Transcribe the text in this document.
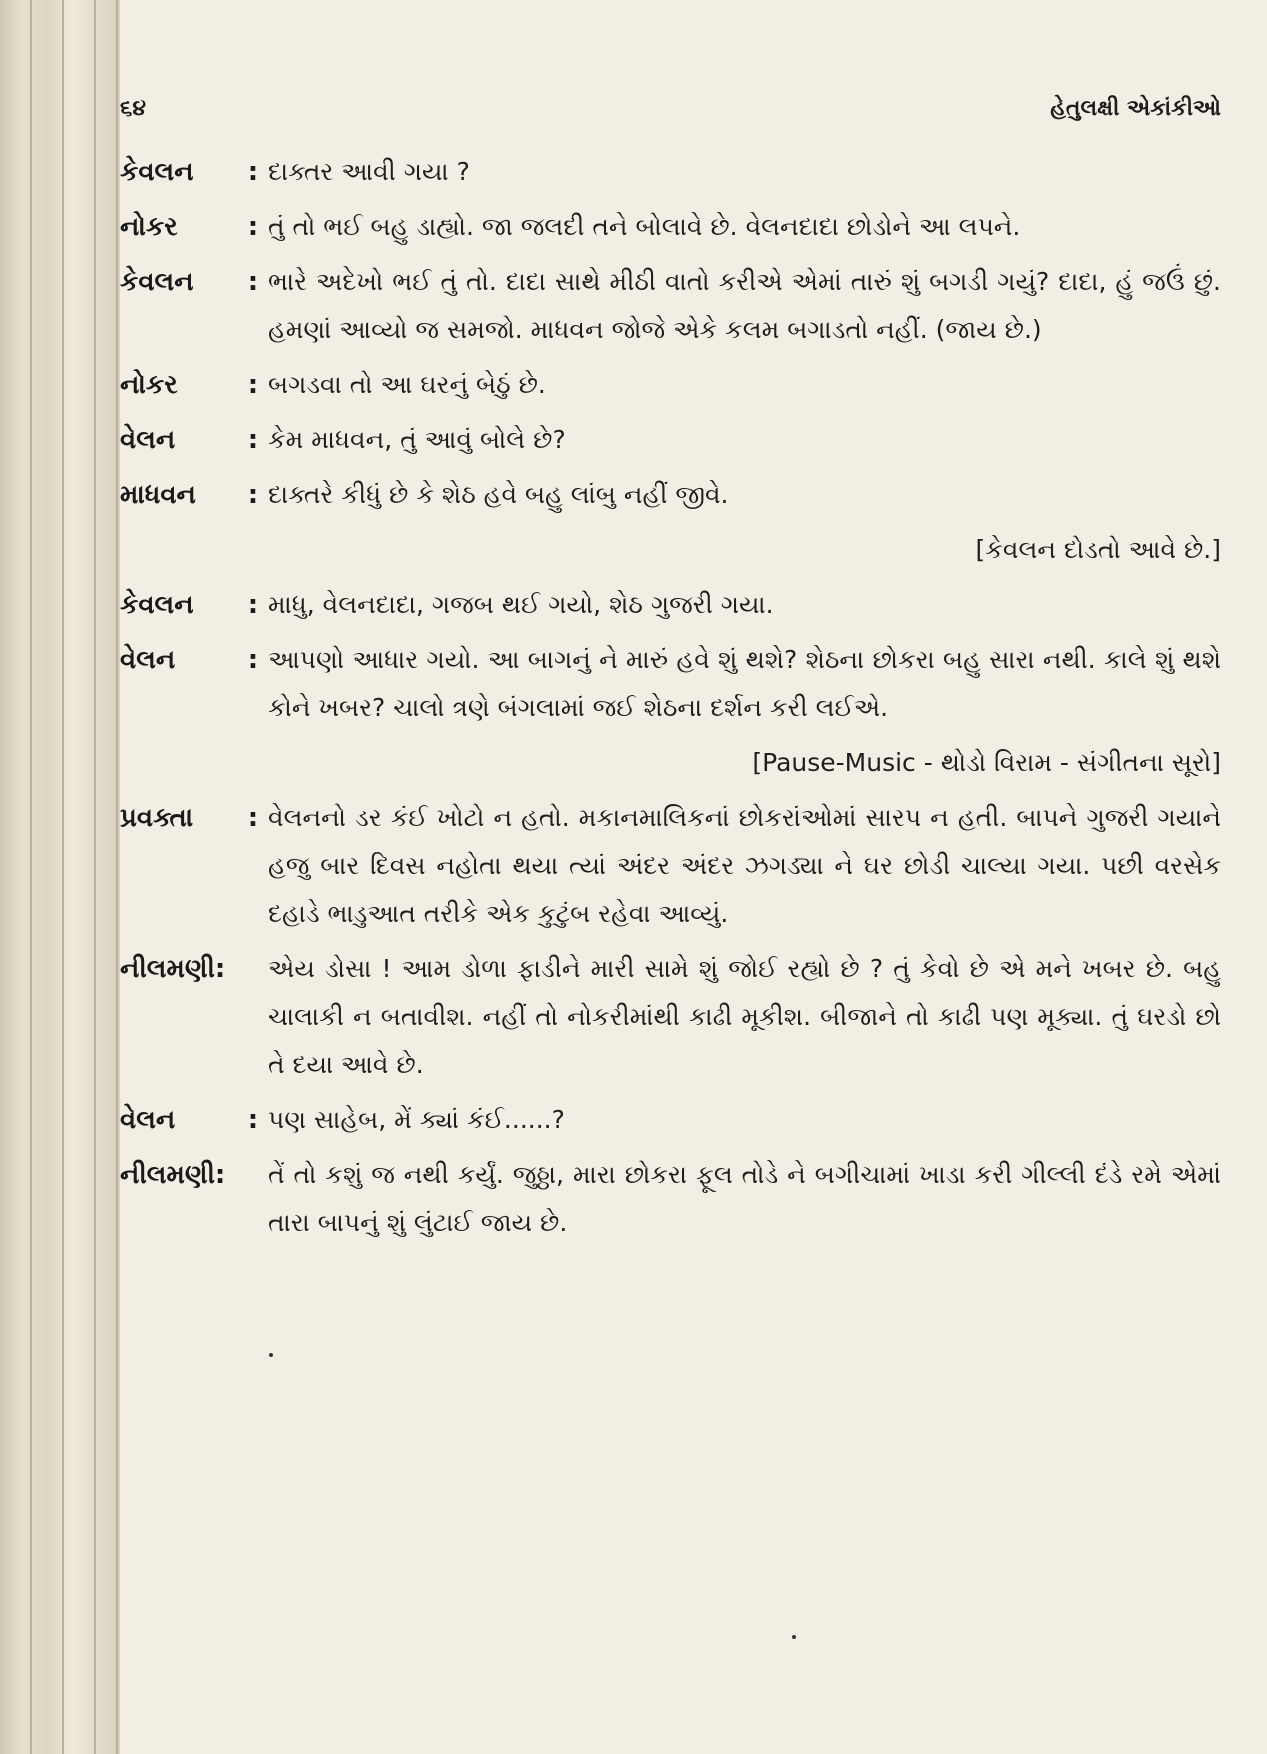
૬૪	હેતુલક્ષી એકાંકીઓ
કેવલન	: દાક્તર આવી ગયા ?
નોકર	: તું તો ભઈ બહુ ડાહ્યો. જા જલદી તને બોલાવે છે. વેલનદાદા છોડોને આ લપને.
કેવલન	: ભારે અદેખો ભઈ તું તો. દાદા સાથે મીઠી વાતો કરીએ એમાં તારું શું બગડી ગયું? દાદા, હું જઉં છું. હમણાં આવ્યો જ સમજો. માધવન જોજે એકે કલમ બગાડતો નહીં. (જાય છે.)
નોકર	: બગડવા તો આ ઘરનું બેઠું છે.
વેલન	: કેમ માધવન, તું આવું બોલે છે?
માધવન	: દાક્તરે કીધું છે કે શેઠ હવે બહુ લાંબુ નહીં જીવે.
[કેવલન દોડતો આવે છે.]
કેવલન	: માધુ, વેલનદાદા, ગજબ થઈ ગયો, શેઠ ગુજરી ગયા.
વેલન	: આપણો આધાર ગયો. આ બાગનું ને મારું હવે શું થશે? શેઠના છોકરા બહુ સારા નથી. કાલે શું થશે કોને ખબર? ચાલો ત્રણે બંગલામાં જઈ શેઠના દર્શન કરી લઈએ.
[Pause-Music - થોડો વિરામ - સંગીતના સૂરો]
પ્રવક્તા	: વેલનનો ડર કંઈ ખોટો ન હતો. મકાનમાલિકનાં છોકરાંઓમાં સારપ ન હતી. બાપને ગુજરી ગયાને હજુ બાર દિવસ નહોતા થયા ત્યાં અંદર અંદર ઝગડ્યા ને ઘર છોડી ચાલ્યા ગયા. પછી વરસેક દહાડે ભાડુઆત તરીકે એક કુટુંબ રહેવા આવ્યું.
નીલમણી:	એય ડોસા ! આમ ડોળા ફાડીને મારી સામે શું જોઈ રહ્યો છે ? તું કેવો છે એ મને ખબર છે. બહુ ચાલાકી ન બતાવીશ. નહીં તો નોકરીમાંથી કાઢી મૂકીશ. બીજાને તો કાઢી પણ મૂક્યા. તું ઘરડો છો તે દયા આવે છે.
વેલન	: પણ સાહેબ, મેં ક્યાં કંઈ......?
નીલમણી:	તેં તો કશું જ નથી કર્યું. જુઠ્ઠા, મારા છોકરા ફૂલ તોડે ને બગીચામાં ખાડા કરી ગીલ્લી દંડે રમે એમાં તારા બાપનું શું લુંટાઈ જાય છે.
